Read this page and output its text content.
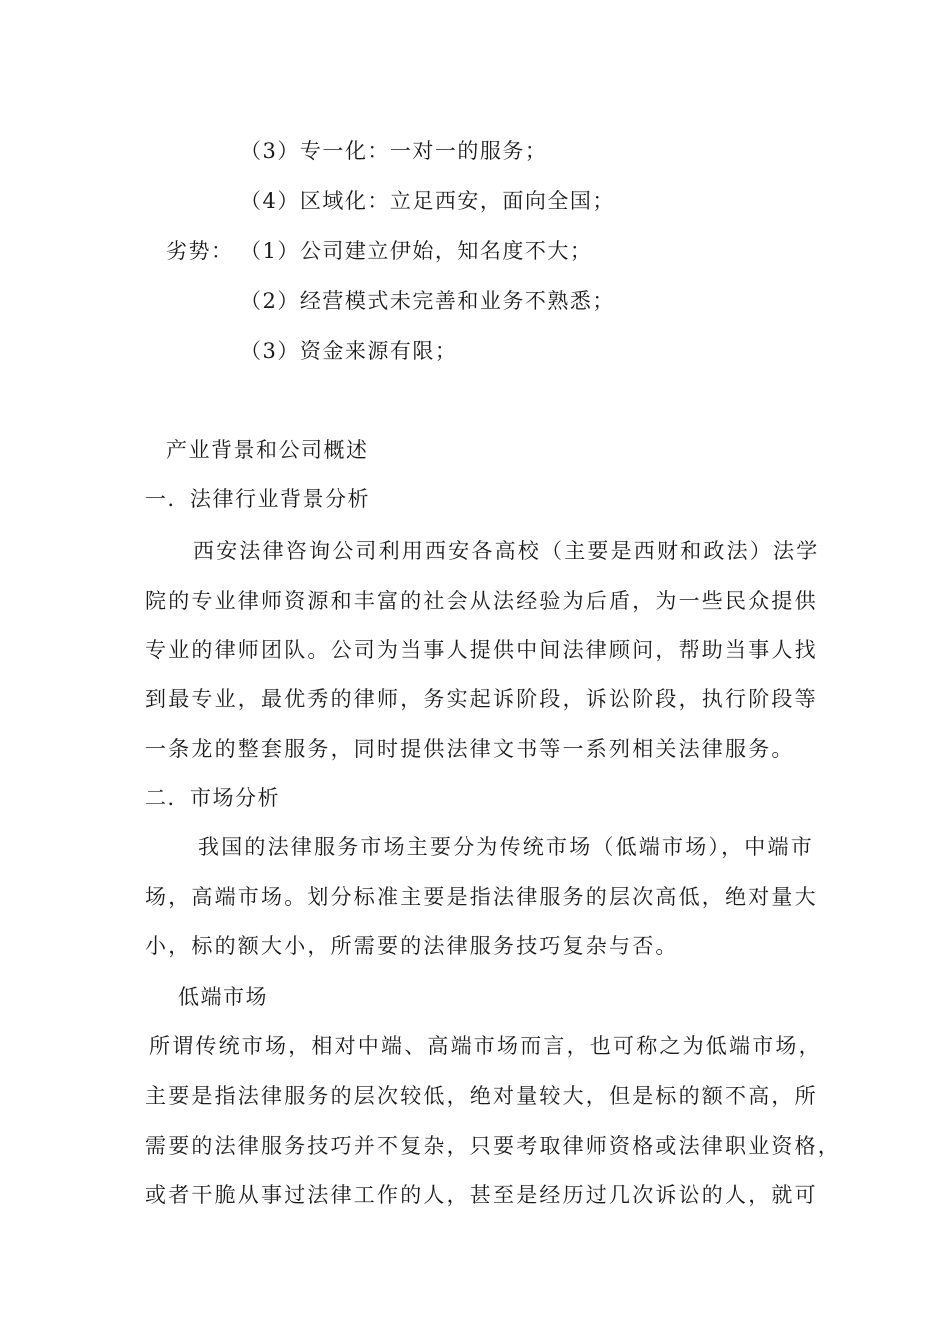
（3）专一化：一对一的服务；
（4）区域化：立足西安，面向全国；
劣势： （1）公司建立伊始，知名度不大；
（2）经营模式未完善和业务不熟悉；
（3）资金来源有限；
产业背景和公司概述
一．法律行业背景分析
西安法律咨询公司利用西安各高校（主要是西财和政法）法学
院的专业律师资源和丰富的社会从法经验为后盾，为一些民众提供
专业的律师团队。公司为当事人提供中间法律顾问，帮助当事人找
到最专业，最优秀的律师，务实起诉阶段，诉讼阶段，执行阶段等
一条龙的整套服务，同时提供法律文书等一系列相关法律服务。
二．市场分析
我国的法律服务市场主要分为传统市场（低端市场），中端市
场，高端市场。划分标准主要是指法律服务的层次高低，绝对量大
小，标的额大小，所需要的法律服务技巧复杂与否。
低端市场
所谓传统市场，相对中端、高端市场而言，也可称之为低端市场，
主要是指法律服务的层次较低，绝对量较大，但是标的额不高，所
需要的法律服务技巧并不复杂，只要考取律师资格或法律职业资格，
或者干脆从事过法律工作的人，甚至是经历过几次诉讼的人，就可
